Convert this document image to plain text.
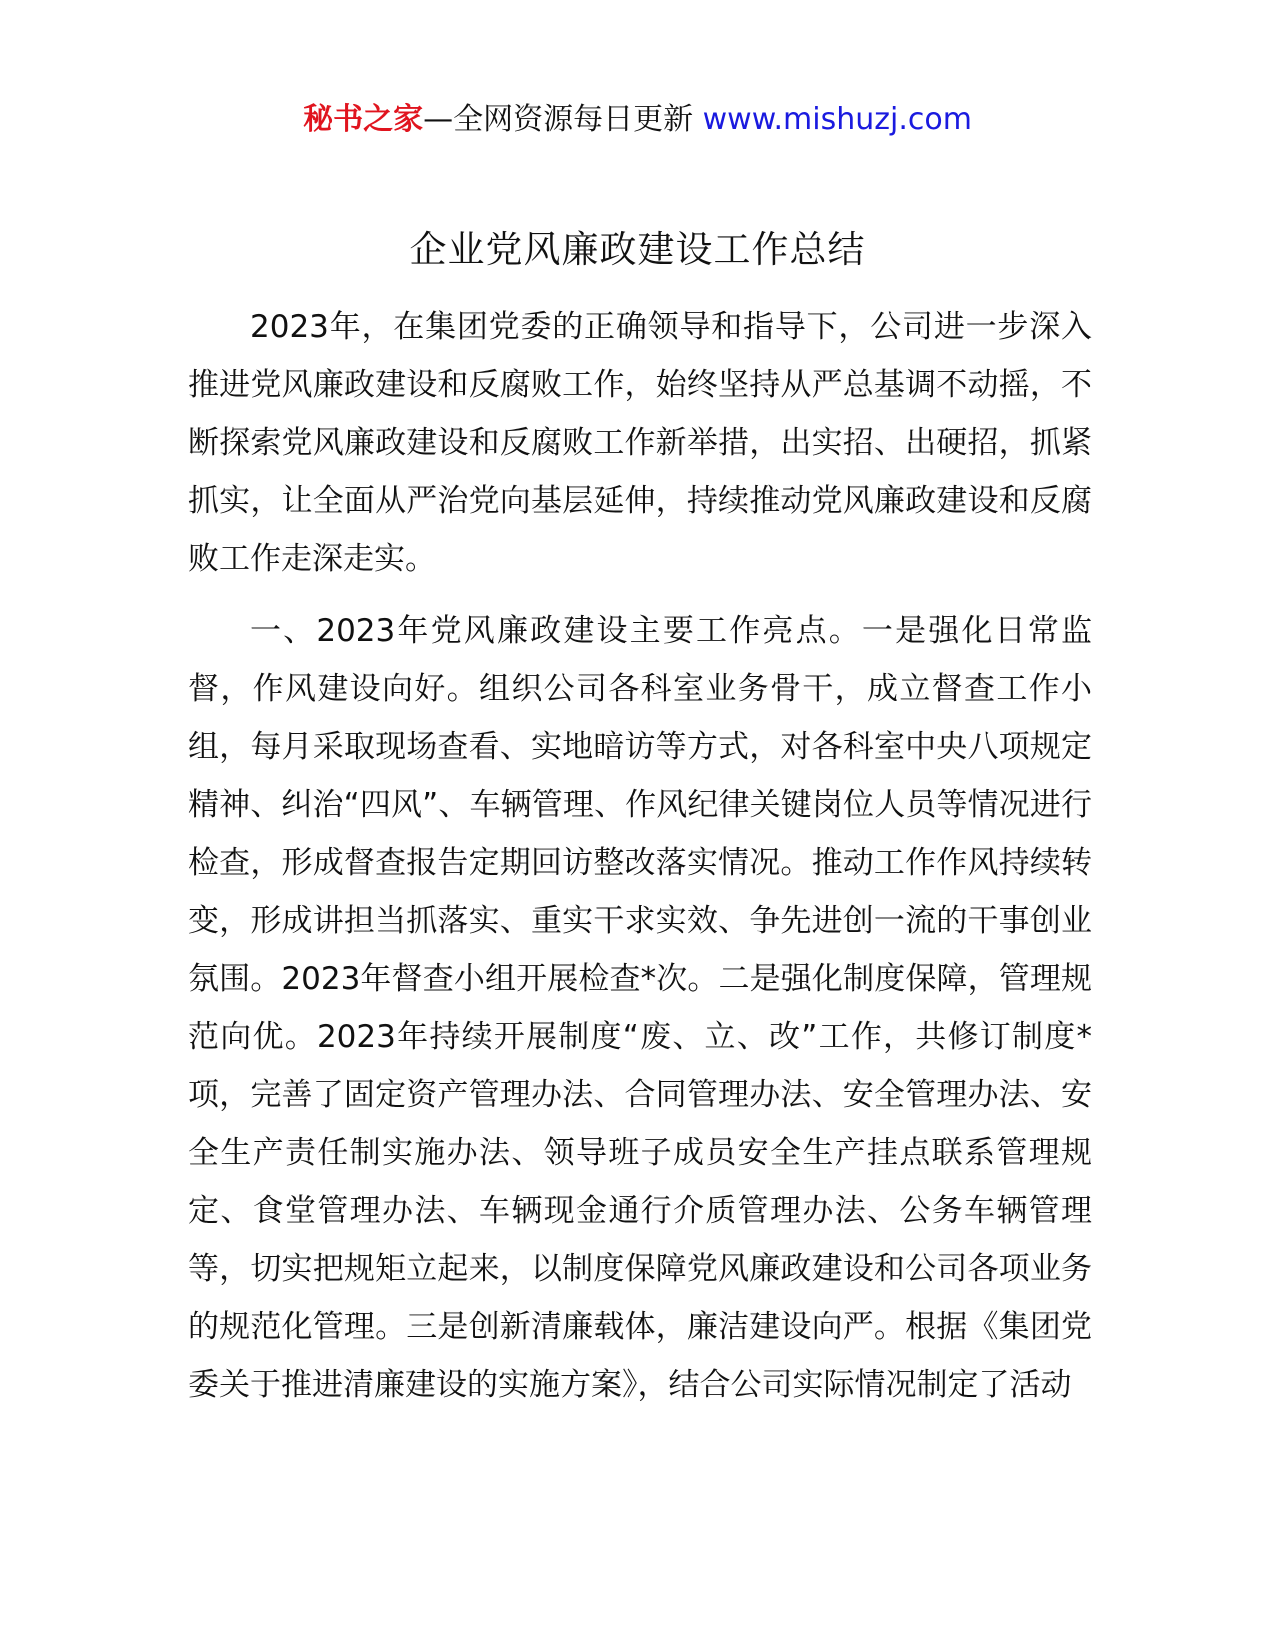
秘书之家—全网资源每日更新 www.mishuzj.com
企业党风廉政建设工作总结

2023年，在集团党委的正确领导和指导下，公司进一步深入推进党风廉政建设和反腐败工作，始终坚持从严总基调不动摇，不断探索党风廉政建设和反腐败工作新举措，出实招、出硬招，抓紧抓实，让全面从严治党向基层延伸，持续推动党风廉政建设和反腐败工作走深走实。

一、2023年党风廉政建设主要工作亮点。一是强化日常监督，作风建设向好。组织公司各科室业务骨干，成立督查工作小组，每月采取现场查看、实地暗访等方式，对各科室中央八项规定精神、纠治“四风”、车辆管理、作风纪律关键岗位人员等情况进行检查，形成督查报告定期回访整改落实情况。推动工作作风持续转变，形成讲担当抓落实、重实干求实效、争先进创一流的干事创业氛围。2023年督查小组开展检查*次。二是强化制度保障，管理规范向优。2023年持续开展制度“废、立、改”工作，共修订制度*项，完善了固定资产管理办法、合同管理办法、安全管理办法、安全生产责任制实施办法、领导班子成员安全生产挂点联系管理规定、食堂管理办法、车辆现金通行介质管理办法、公务车辆管理等，切实把规矩立起来，以制度保障党风廉政建设和公司各项业务的规范化管理。三是创新清廉载体，廉洁建设向严。根据《集团党委关于推进清廉建设的实施方案》，结合公司实际情况制定了活动
